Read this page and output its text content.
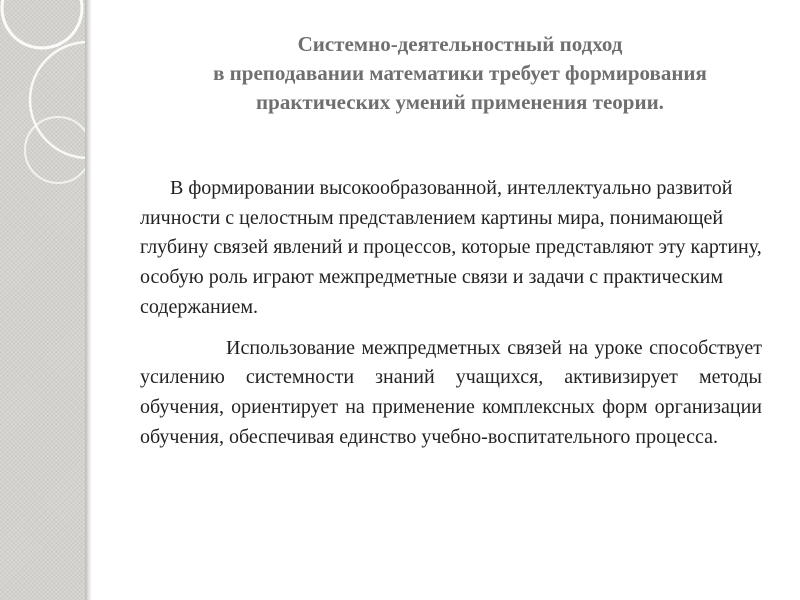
Системно-деятельностный подход
в преподавании математики требует формирования
практических умений применения теории.

В формировании высокообразованной, интеллектуально развитой личности с целостным представлением картины мира, понимающей глубину связей явлений и процессов, которые представляют эту картину, особую роль играют межпредметные связи и задачи с практическим содержанием.

Использование межпредметных связей на уроке способствует усилению системности знаний учащихся, активизирует методы обучения, ориентирует на применение комплексных форм организации обучения, обеспечивая единство учебно-воспитательного процесса.
